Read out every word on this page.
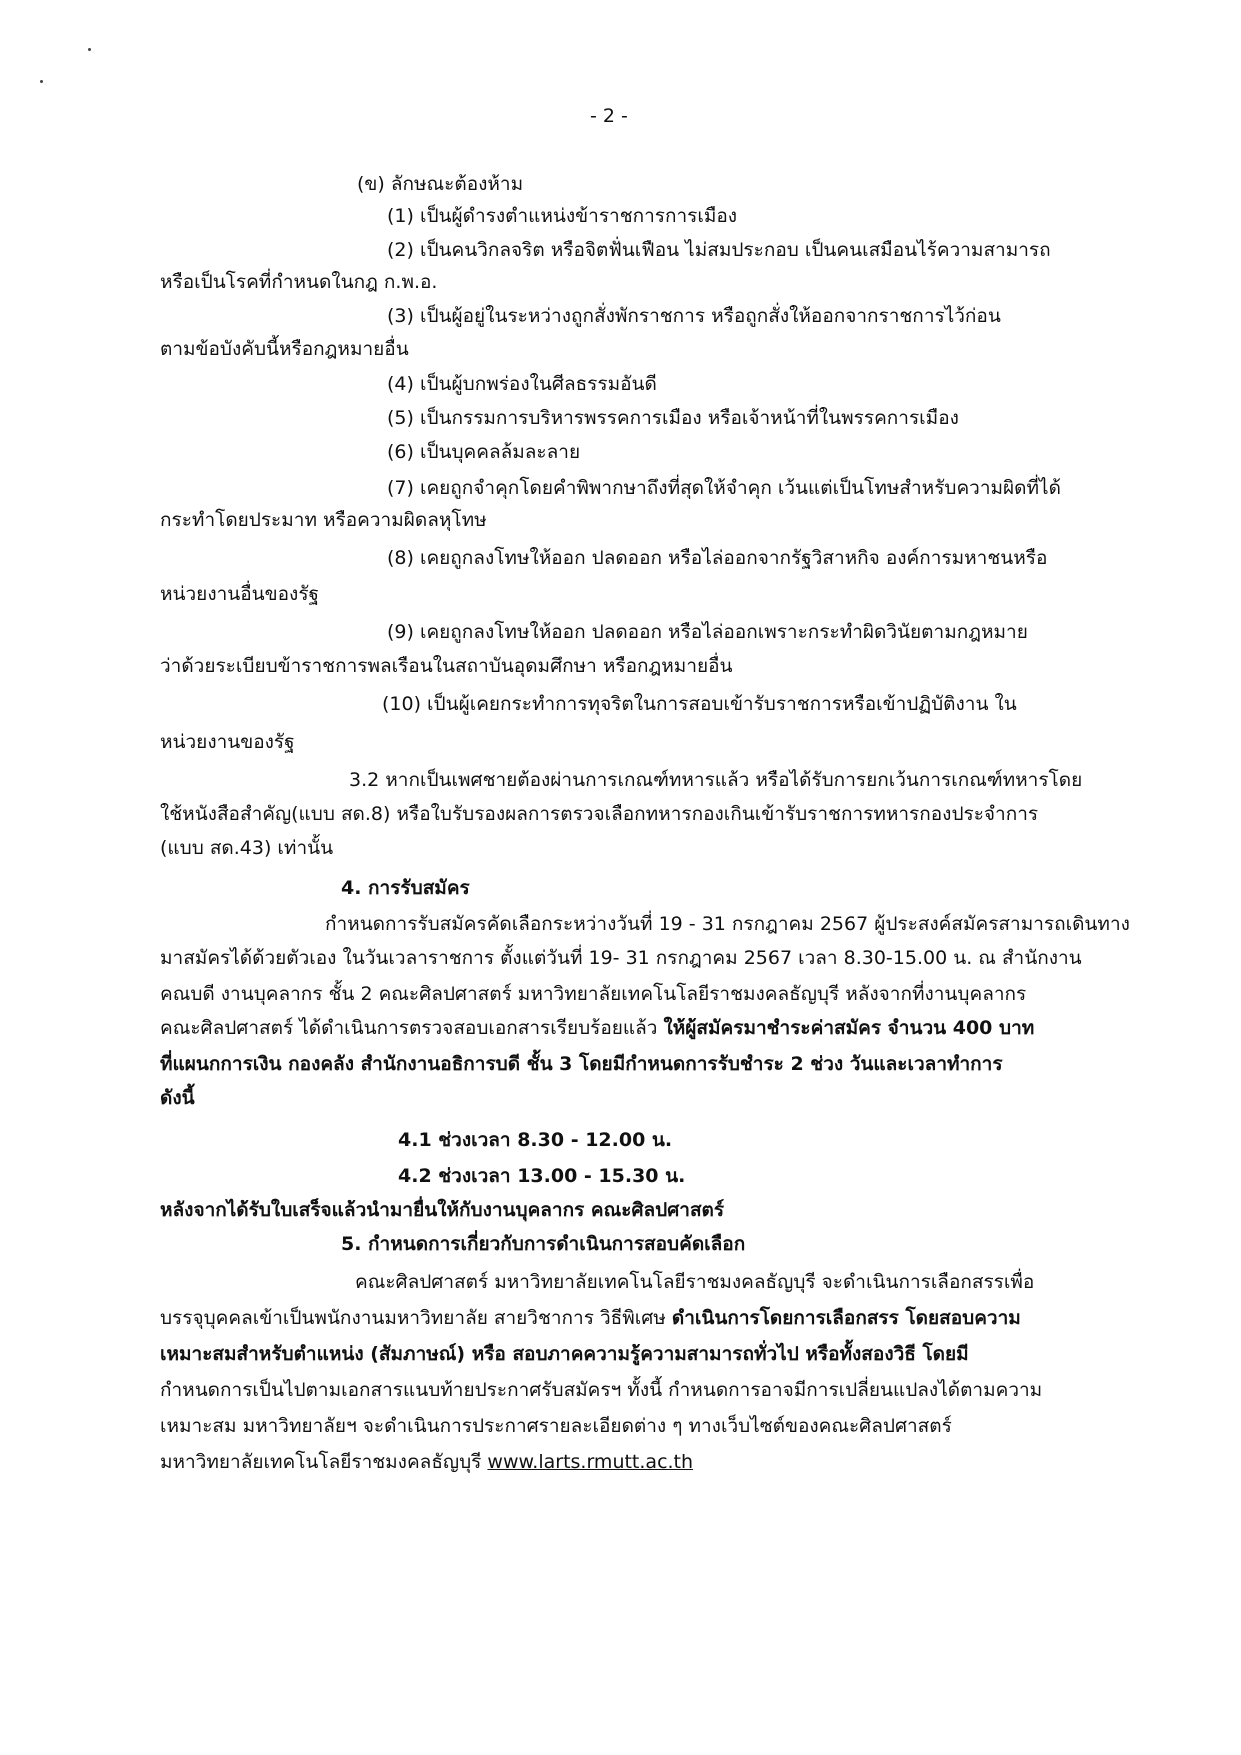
- 2 -
(ข) ลักษณะต้องห้าม
(1) เป็นผู้ดำรงตำแหน่งข้าราชการการเมือง
(2) เป็นคนวิกลจริต หรือจิตฟั่นเฟือน ไม่สมประกอบ เป็นคนเสมือนไร้ความสามารถ
หรือเป็นโรคที่กำหนดในกฎ ก.พ.อ.
(3) เป็นผู้อยู่ในระหว่างถูกสั่งพักราชการ หรือถูกสั่งให้ออกจากราชการไว้ก่อน
ตามข้อบังคับนี้หรือกฎหมายอื่น
(4) เป็นผู้บกพร่องในศีลธรรมอันดี
(5) เป็นกรรมการบริหารพรรคการเมือง หรือเจ้าหน้าที่ในพรรคการเมือง
(6) เป็นบุคคลล้มละลาย
(7) เคยถูกจำคุกโดยคำพิพากษาถึงที่สุดให้จำคุก เว้นแต่เป็นโทษสำหรับความผิดที่ได้
กระทำโดยประมาท หรือความผิดลหุโทษ
(8) เคยถูกลงโทษให้ออก ปลดออก หรือไล่ออกจากรัฐวิสาหกิจ องค์การมหาชนหรือ
หน่วยงานอื่นของรัฐ
(9) เคยถูกลงโทษให้ออก ปลดออก หรือไล่ออกเพราะกระทำผิดวินัยตามกฎหมาย
ว่าด้วยระเบียบข้าราชการพลเรือนในสถาบันอุดมศึกษา หรือกฎหมายอื่น
(10) เป็นผู้เคยกระทำการทุจริตในการสอบเข้ารับราชการหรือเข้าปฏิบัติงาน ใน
หน่วยงานของรัฐ
3.2 หากเป็นเพศชายต้องผ่านการเกณฑ์ทหารแล้ว หรือได้รับการยกเว้นการเกณฑ์ทหารโดย
ใช้หนังสือสำคัญ(แบบ สด.8) หรือใบรับรองผลการตรวจเลือกทหารกองเกินเข้ารับราชการทหารกองประจำการ
(แบบ สด.43) เท่านั้น
4. การรับสมัคร
กำหนดการรับสมัครคัดเลือกระหว่างวันที่ 19 - 31 กรกฎาคม 2567 ผู้ประสงค์สมัครสามารถเดินทาง
มาสมัครได้ด้วยตัวเอง ในวันเวลาราชการ ตั้งแต่วันที่ 19- 31 กรกฎาคม 2567 เวลา 8.30-15.00 น. ณ สำนักงาน
คณบดี งานบุคลากร ชั้น 2 คณะศิลปศาสตร์ มหาวิทยาลัยเทคโนโลยีราชมงคลธัญบุรี หลังจากที่งานบุคลากร
คณะศิลปศาสตร์ ได้ดำเนินการตรวจสอบเอกสารเรียบร้อยแล้ว ให้ผู้สมัครมาชำระค่าสมัคร จำนวน 400 บาท
ที่แผนกการเงิน กองคลัง สำนักงานอธิการบดี ชั้น 3 โดยมีกำหนดการรับชำระ 2 ช่วง วันและเวลาทำการ
ดังนี้
4.1 ช่วงเวลา 8.30 - 12.00 น.
4.2 ช่วงเวลา 13.00 - 15.30 น.
หลังจากได้รับใบเสร็จแล้วนำมายื่นให้กับงานบุคลากร คณะศิลปศาสตร์
5. กำหนดการเกี่ยวกับการดำเนินการสอบคัดเลือก
คณะศิลปศาสตร์ มหาวิทยาลัยเทคโนโลยีราชมงคลธัญบุรี จะดำเนินการเลือกสรรเพื่อ
บรรจุบุคคลเข้าเป็นพนักงานมหาวิทยาลัย สายวิชาการ วิธีพิเศษ ดำเนินการโดยการเลือกสรร โดยสอบความ
เหมาะสมสำหรับตำแหน่ง (สัมภาษณ์) หรือ สอบภาคความรู้ความสามารถทั่วไป หรือทั้งสองวิธี โดยมี
กำหนดการเป็นไปตามเอกสารแนบท้ายประกาศรับสมัครฯ ทั้งนี้ กำหนดการอาจมีการเปลี่ยนแปลงได้ตามความ
เหมาะสม มหาวิทยาลัยฯ จะดำเนินการประกาศรายละเอียดต่าง ๆ ทางเว็บไซต์ของคณะศิลปศาสตร์
มหาวิทยาลัยเทคโนโลยีราชมงคลธัญบุรี www.larts.rmutt.ac.th
